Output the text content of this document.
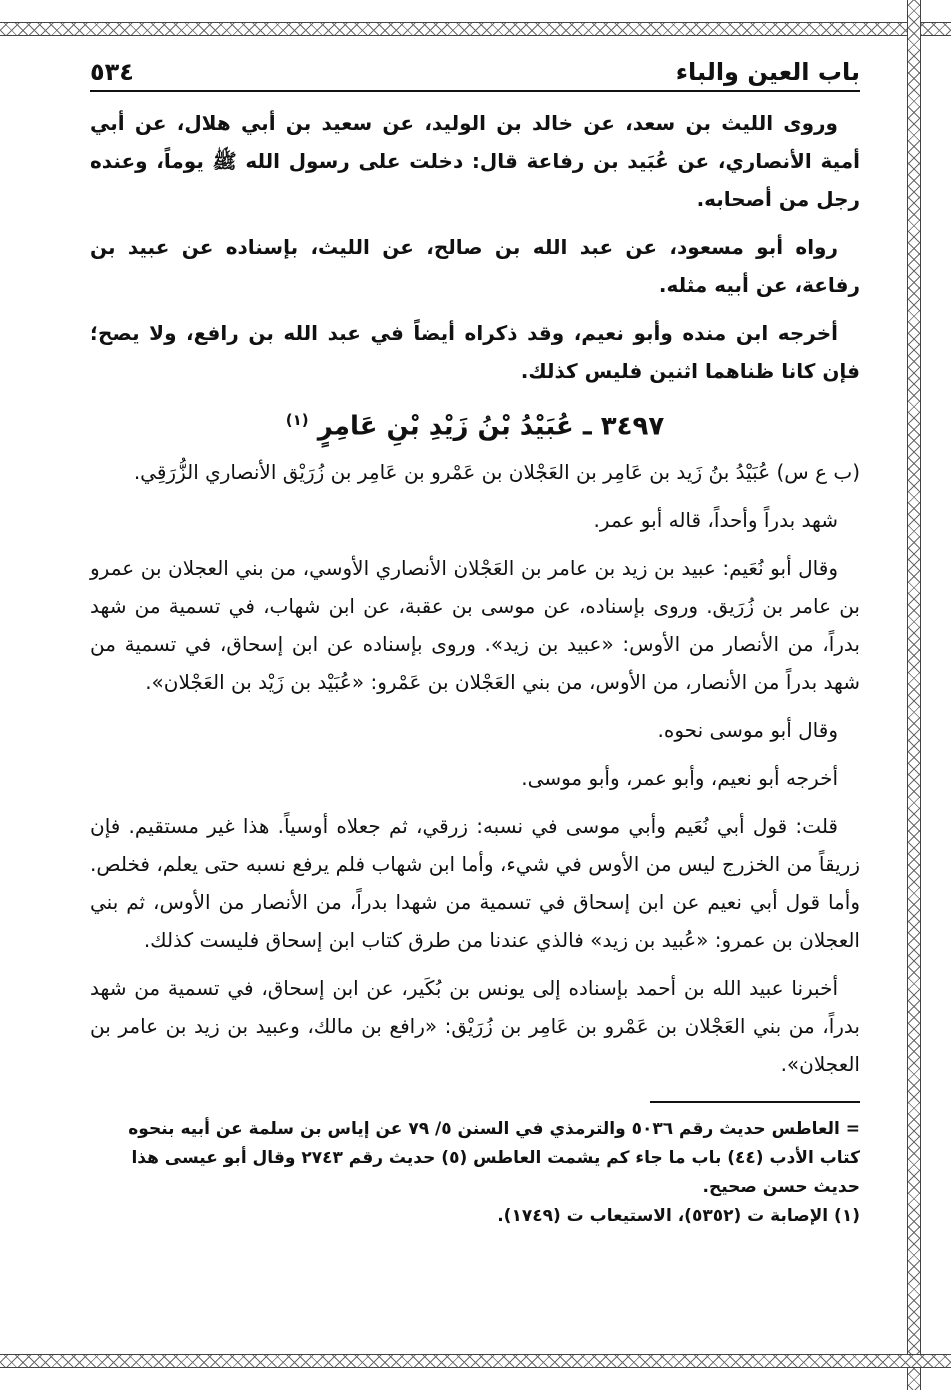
باب العين والباء
٥٣٤

وروى الليث بن سعد، عن خالد بن الوليد، عن سعيد بن أبي هلال، عن أبي أمية الأنصاري، عن عُبَيد بن رفاعة قال: دخلت على رسول الله ﷺ يوماً، وعنده رجل من أصحابه.

رواه أبو مسعود، عن عبد الله بن صالح، عن الليث، بإسناده عن عبيد بن رفاعة، عن أبيه مثله.

أخرجه ابن منده وأبو نعيم، وقد ذكراه أيضاً في عبد الله بن رافع، ولا يصح؛ فإن كانا ظناهما اثنين فليس كذلك.

٣٤٩٧ ـ عُبَيْدُ بْنُ زَيْدِ بْنِ عَامِرٍ $^{(١)}$

(ب ع س) عُبَيْدُ بنُ زَيد بن عَامِر بن العَجْلان بن عَمْرو بن عَامِر بن زُرَيْق الأنصاري الزُّرَقِي.

شهد بدراً وأحداً، قاله أبو عمر.

وقال أبو نُعَيم: عبيد بن زيد بن عامر بن العَجْلان الأنصاري الأوسي، من بني العجلان بن عمرو بن عامر بن زُرَيق. وروى بإسناده، عن موسى بن عقبة، عن ابن شهاب، في تسمية من شهد بدراً، من الأنصار من الأوس: «عبيد بن زيد». وروى بإسناده عن ابن إسحاق، في تسمية من شهد بدراً من الأنصار، من الأوس، من بني العَجْلان بن عَمْرو: «عُبَيْد بن زَيْد بن العَجْلان».

وقال أبو موسى نحوه.

أخرجه أبو نعيم، وأبو عمر، وأبو موسى.

قلت: قول أبي نُعَيم وأبي موسى في نسبه: زرقي، ثم جعلاه أوسياً. هذا غير مستقيم. فإن زريقاً من الخزرج ليس من الأوس في شيء، وأما ابن شهاب فلم يرفع نسبه حتى يعلم، فخلص. وأما قول أبي نعيم عن ابن إسحاق في تسمية من شهدا بدراً، من الأنصار من الأوس، ثم بني العجلان بن عمرو: «عُبيد بن زيد» فالذي عندنا من طرق كتاب ابن إسحاق فليست كذلك.

أخبرنا عبيد الله بن أحمد بإسناده إلى يونس بن بُكَير، عن ابن إسحاق، في تسمية من شهد بدراً، من بني العَجْلان بن عَمْرو بن عَامِر بن زُرَيْق: «رافع بن مالك، وعبيد بن زيد بن عامر بن العجلان».

= العاطس حديث رقم ٥٠٣٦ والترمذي في السنن ٥/ ٧٩ عن إياس بن سلمة عن أبيه بنحوه كتاب الأدب (٤٤) باب ما جاء كم يشمت العاطس (٥) حديث رقم ٢٧٤٣ وقال أبو عيسى هذا حديث حسن صحيح.

(١) الإصابة ت (٥٣٥٢)، الاستيعاب ت (١٧٤٩).
